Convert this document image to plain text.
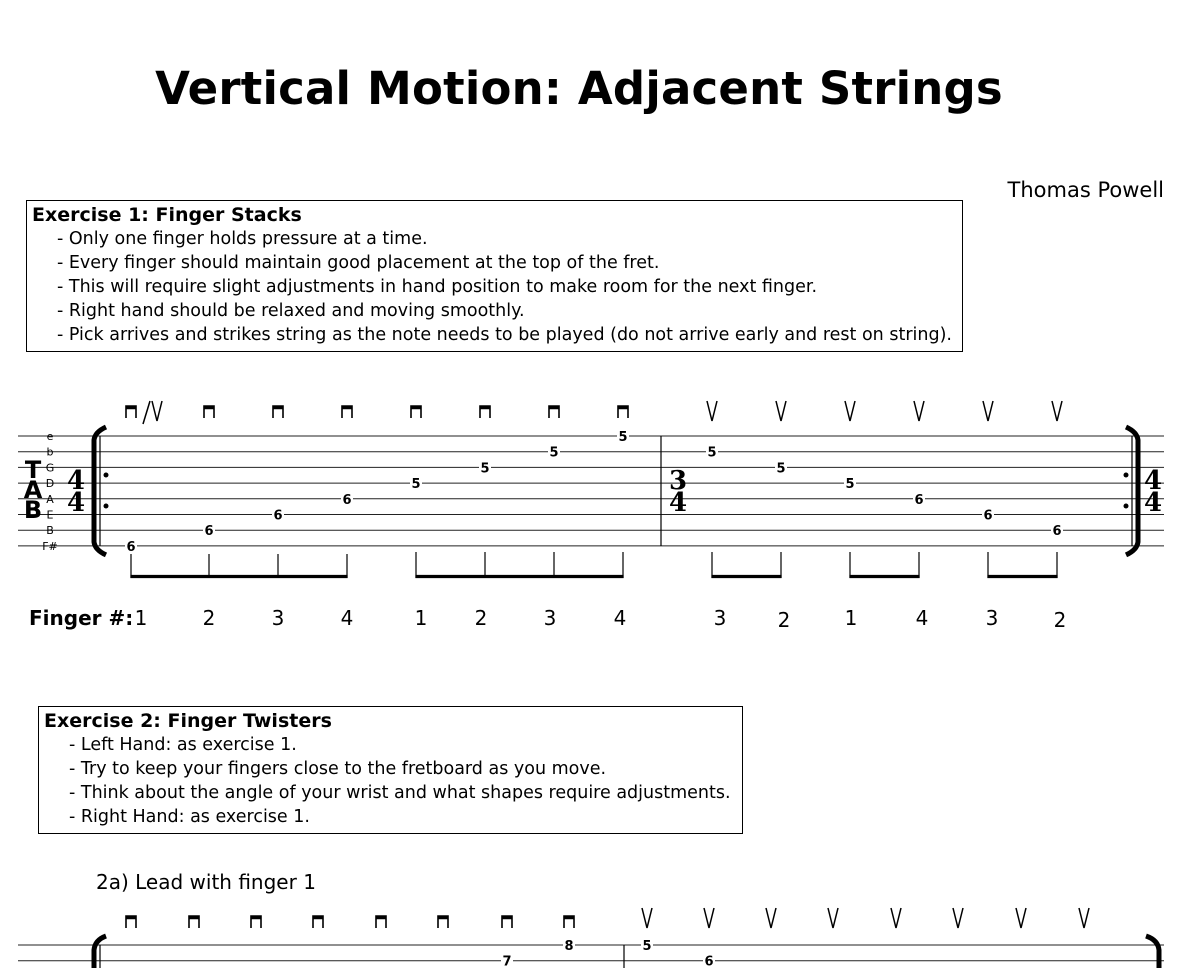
Vertical Motion: Adjacent Strings
Thomas Powell
Exercise 1: Finger Stacks
- Only one finger holds pressure at a time.
- Every finger should maintain good placement at the top of the fret.
- This will require slight adjustments in hand position to make room for the next finger.
- Right hand should be relaxed and moving smoothly.
- Pick arrives and strikes string as the note needs to be played (do not arrive early and rest on string).
Exercise 2: Finger Twisters
- Left Hand: as exercise 1.
- Try to keep your fingers close to the fretboard as you move.
- Think about the angle of your wrist and what shapes require adjustments.
- Right Hand: as exercise 1.
2a) Lead with finger 1
e
b
G
D
A
E
B
F#
T
A
B
4
4
3
4
4
4
6
1
6
2
6
3
6
4
5
1
5
2
5
3
5
4
5
3
5
2
5
1
6
4
6
3
6
2
Finger #:
7
8	5
6
